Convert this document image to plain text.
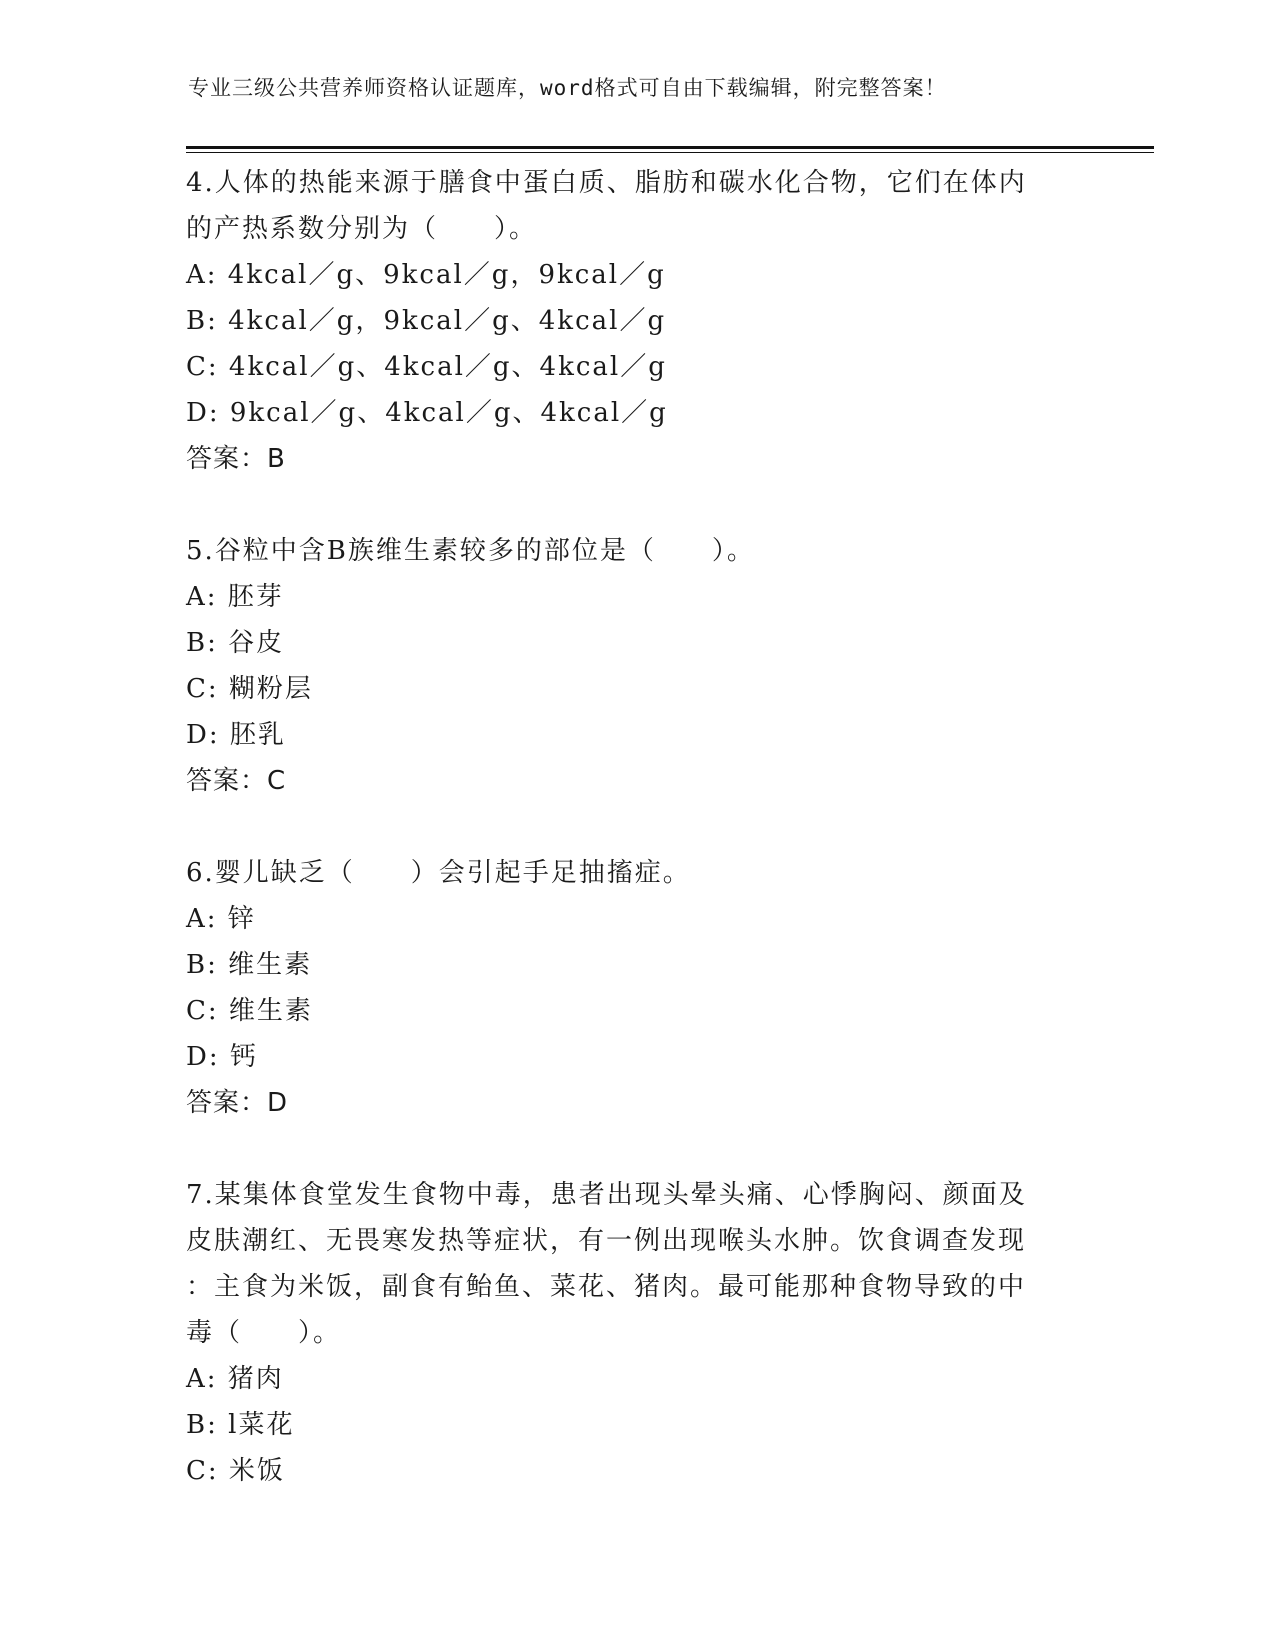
专业三级公共营养师资格认证题库，word格式可自由下载编辑，附完整答案！
4.人体的热能来源于膳食中蛋白质、脂肪和碳水化合物，它们在体内
的产热系数分别为（　　）。
A: 4kcal／g、9kcal／g，9kcal／g
B: 4kcal／g，9kcal／g、4kcal／g
C: 4kcal／g、4kcal／g、4kcal／g
D: 9kcal／g、4kcal／g、4kcal／g
答案：B
5.谷粒中含B族维生素较多的部位是（　　）。
A: 胚芽
B: 谷皮
C: 糊粉层
D: 胚乳
答案：C
6.婴儿缺乏（　　）会引起手足抽搐症。
A: 锌
B: 维生素
C: 维生素
D: 钙
答案：D
7.某集体食堂发生食物中毒，患者出现头晕头痛、心悸胸闷、颜面及
皮肤潮红、无畏寒发热等症状，有一例出现喉头水肿。饮食调查发现
：主食为米饭，副食有鲐鱼、菜花、猪肉。最可能那种食物导致的中
毒（　　）。
A: 猪肉
B: l菜花
C: 米饭
